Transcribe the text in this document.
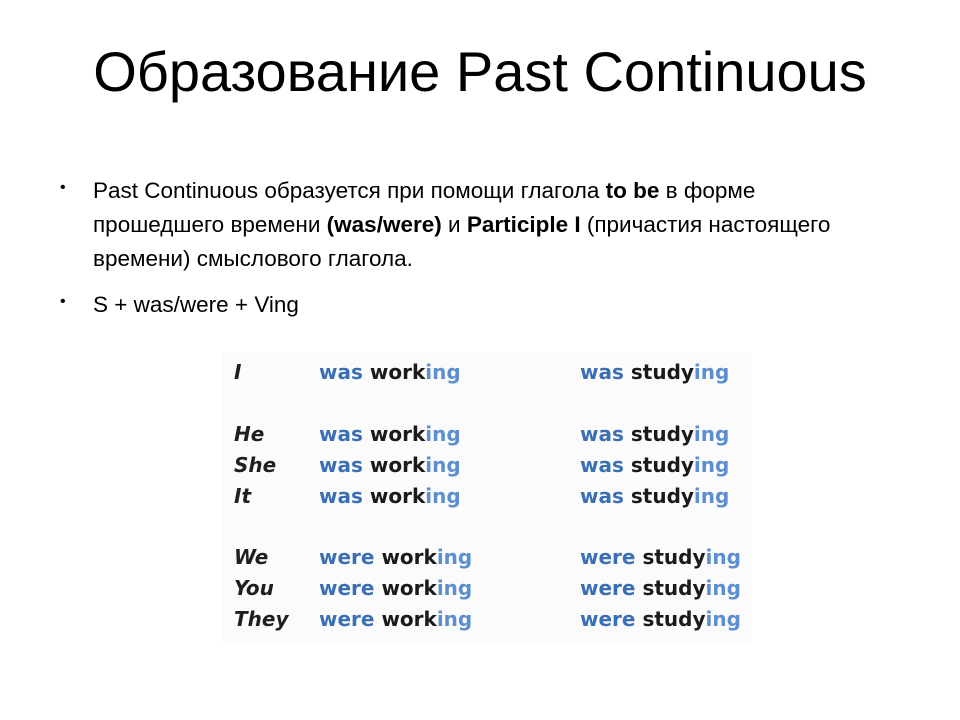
Образование Past Continuous
• Past Continuous образуется при помощи глагола to be в форме прошедшего времени (was/were) и Participle I (причастия настоящего времени) смысловогo глагола.
• S + was/were + Ving
I	was working	was studying
He	was working	was studying
She was working	was studying
It	was working	was studying
We	were working	were studying
You were working	were studying
They were working	were studying
